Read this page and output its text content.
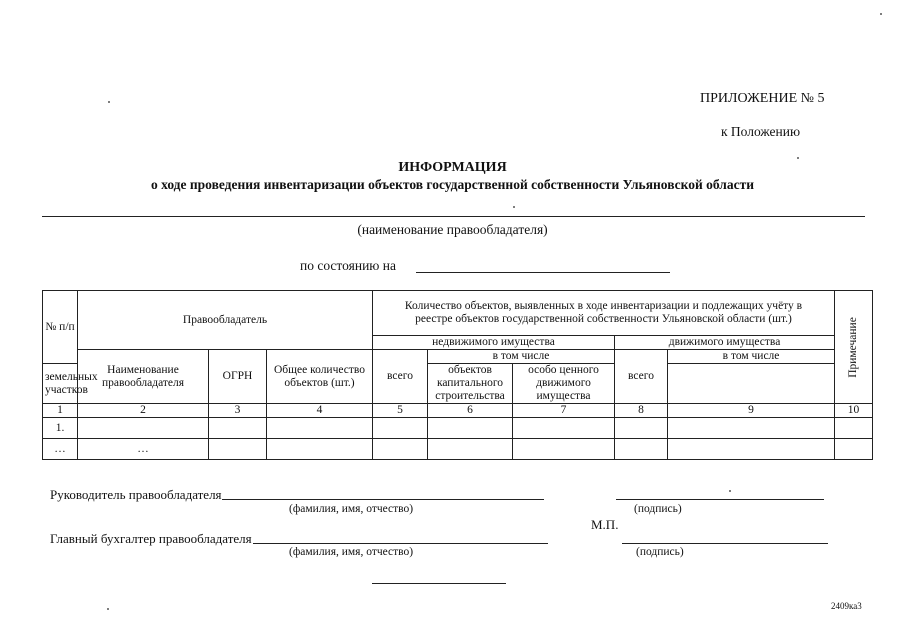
ПРИЛОЖЕНИЕ № 5
к Положению
ИНФОРМАЦИЯ
о ходе проведения инвентаризации объектов государственной собственности Ульяновской области
(наименование правообладателя)
по состоянию на
№ п/п	Правообладатель			Количество объектов, выявленных в ходе инвентаризации и подлежащих учёту в реестре объектов государственной собственности Ульяновской области (шт.)					Примечание

				недвижимого имущества			движимого имущества		
	Наименование правообладателя	ОГРН	Общее количество объектов (шт.)	всего	в том числе		всего	в том числе	
земельных участков					объектов капитального строительства	особо ценного движимого имущества			
1	2	3	4	5	6	7	8	9	10
1.									
…	…								
Руководитель правообладателя
(фамилия, имя, отчество)	(подпись)
М.П.
Главный бухгалтер правообладателя
(фамилия, имя, отчество)	(подпись)
2409ка3
